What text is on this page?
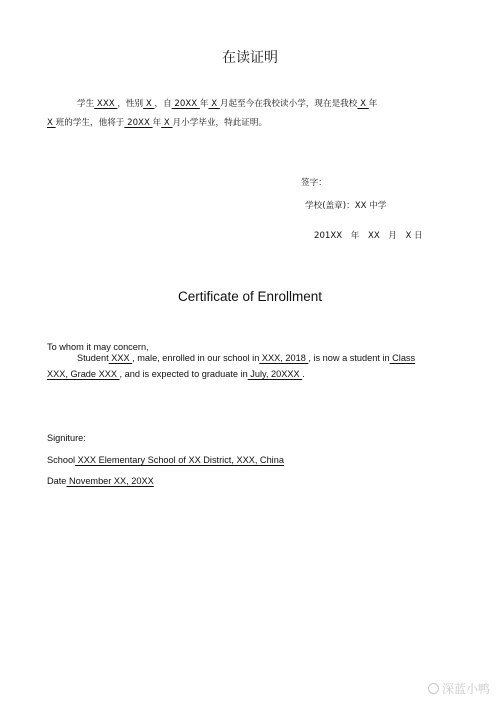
在读证明
学生 XXX ，性别 X ，自 20XX 年 X 月起至今在我校读小学，现在是我校 X 年
X 班的学生，他将于 20XX 年 X 月小学毕业，特此证明。
签字：
学校(盖章)：XX 中学
201XX　年　XX　月　X 日
Certificate of Enrollment
To whom it may concern,
Student XXX , male, enrolled in our school in XXX, 2018 , is now a student in Class
XXX, Grade XXX , and is expected to graduate in July, 20XXX .
Signiture:
School XXX Elementary School of XX District, XXX, China
Date November XX, 20XX
深蓝小鸭
